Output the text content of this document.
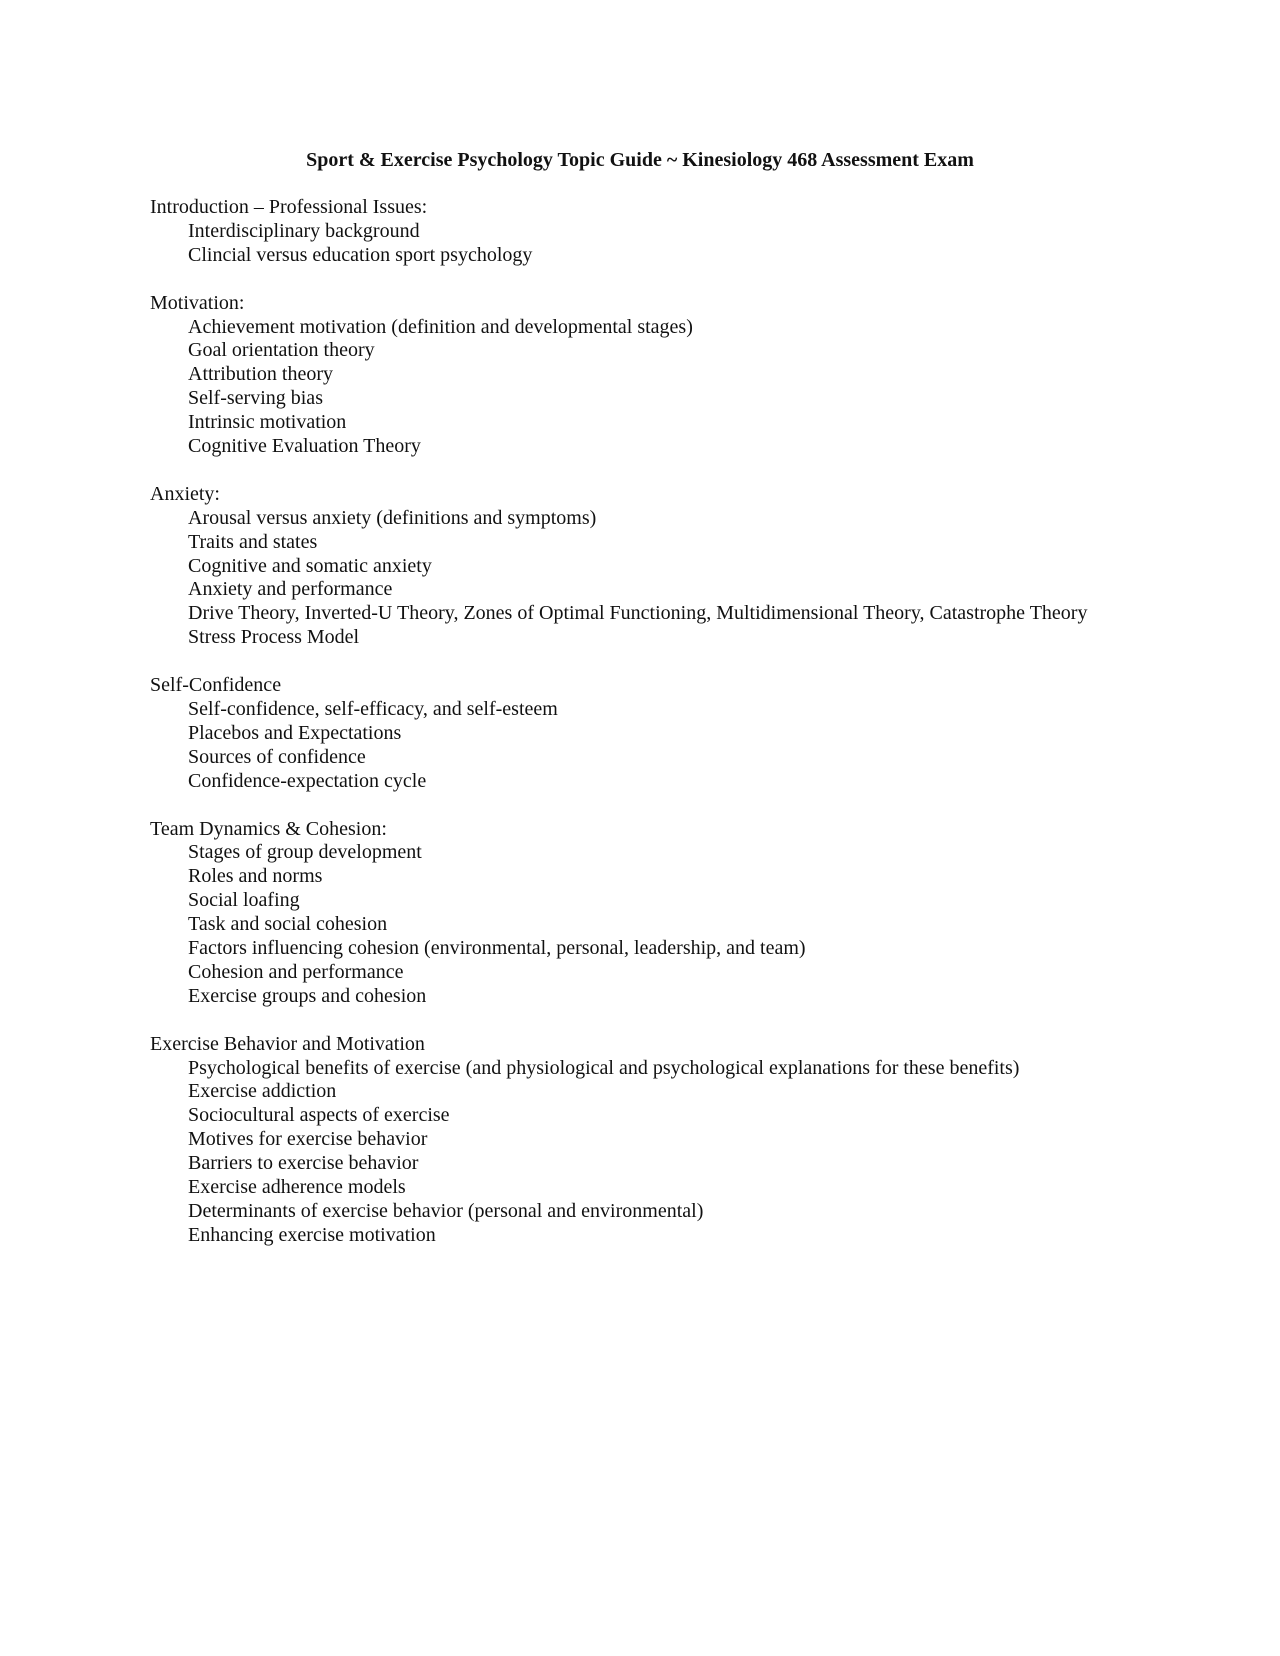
Sport & Exercise Psychology Topic Guide ~ Kinesiology 468 Assessment Exam

Introduction – Professional Issues:

Interdisciplinary background
Clincial versus education sport psychology

Motivation:

Achievement motivation (definition and developmental stages)
Goal orientation theory
Attribution theory
Self-serving bias
Intrinsic motivation
Cognitive Evaluation Theory

Anxiety:

Arousal versus anxiety (definitions and symptoms)
Traits and states
Cognitive and somatic anxiety
Anxiety and performance
Drive Theory, Inverted-U Theory, Zones of Optimal Functioning, Multidimensional Theory, Catastrophe Theory
Stress Process Model

Self-Confidence

Self-confidence, self-efficacy, and self-esteem
Placebos and Expectations
Sources of confidence
Confidence-expectation cycle

Team Dynamics & Cohesion:

Stages of group development
Roles and norms
Social loafing
Task and social cohesion
Factors influencing cohesion (environmental, personal, leadership, and team)
Cohesion and performance
Exercise groups and cohesion

Exercise Behavior and Motivation

Psychological benefits of exercise (and physiological and psychological explanations for these benefits)
Exercise addiction
Sociocultural aspects of exercise
Motives for exercise behavior
Barriers to exercise behavior
Exercise adherence models
Determinants of exercise behavior (personal and environmental)
Enhancing exercise motivation
